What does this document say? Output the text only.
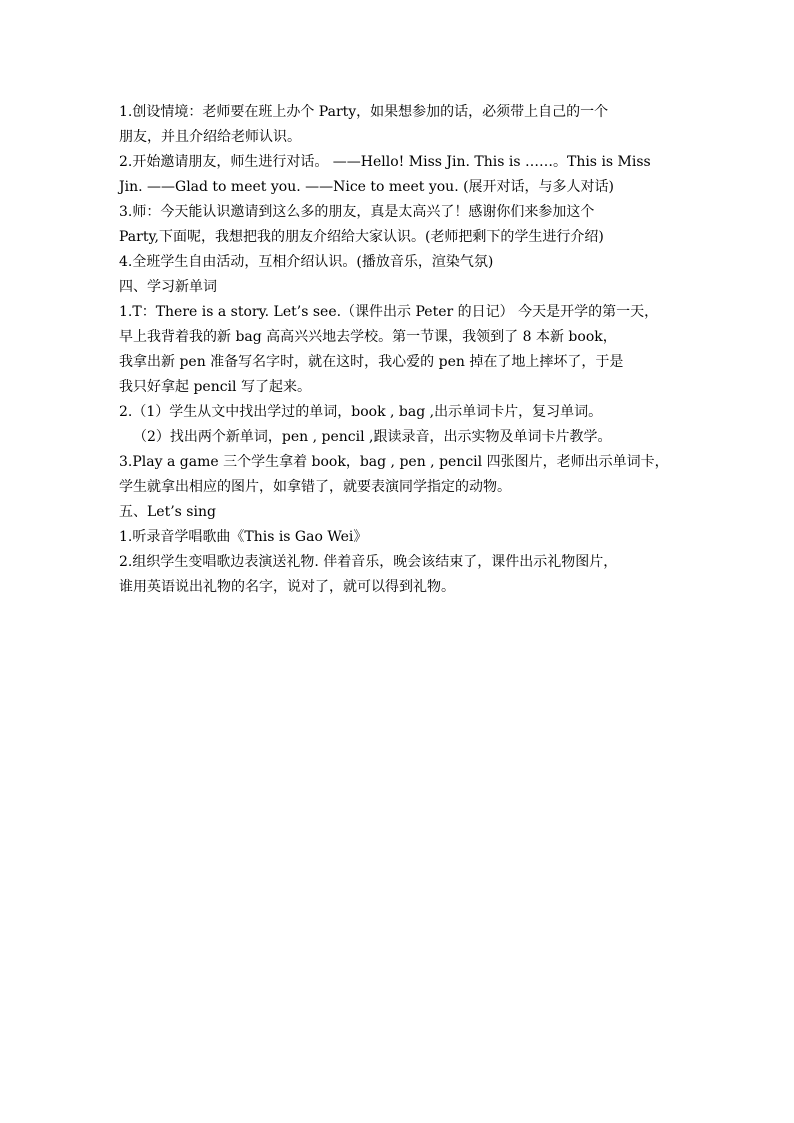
1.创设情境：老师要在班上办个 Party，如果想参加的话，必须带上自己的一个
朋友，并且介绍给老师认识。
2.开始邀请朋友，师生进行对话。 ——Hello! Miss Jin. This is ……。This is Miss
Jin. ——Glad to meet you. ——Nice to meet you. (展开对话，与多人对话)
3.师：今天能认识邀请到这么多的朋友，真是太高兴了！感谢你们来参加这个
Party,下面呢，我想把我的朋友介绍给大家认识。(老师把剩下的学生进行介绍)
4.全班学生自由活动，互相介绍认识。(播放音乐，渲染气氛)
四、学习新单词
1.T：There is a story. Let’s see.（课件出示 Peter 的日记） 今天是开学的第一天，
早上我背着我的新 bag 高高兴兴地去学校。第一节课，我领到了 8 本新 book，
我拿出新 pen 准备写名字时，就在这时，我心爱的 pen 掉在了地上摔坏了，于是
我只好拿起 pencil 写了起来。
2.（1）学生从文中找出学过的单词，book , bag ,出示单词卡片，复习单词。
（2）找出两个新单词，pen , pencil ,跟读录音，出示实物及单词卡片教学。
3.Play a game 三个学生拿着 book，bag , pen , pencil 四张图片，老师出示单词卡，
学生就拿出相应的图片，如拿错了，就要表演同学指定的动物。
五、Let’s sing
1.听录音学唱歌曲《This is Gao Wei》
2.组织学生变唱歌边表演送礼物. 伴着音乐，晚会该结束了，课件出示礼物图片，
谁用英语说出礼物的名字，说对了，就可以得到礼物。
